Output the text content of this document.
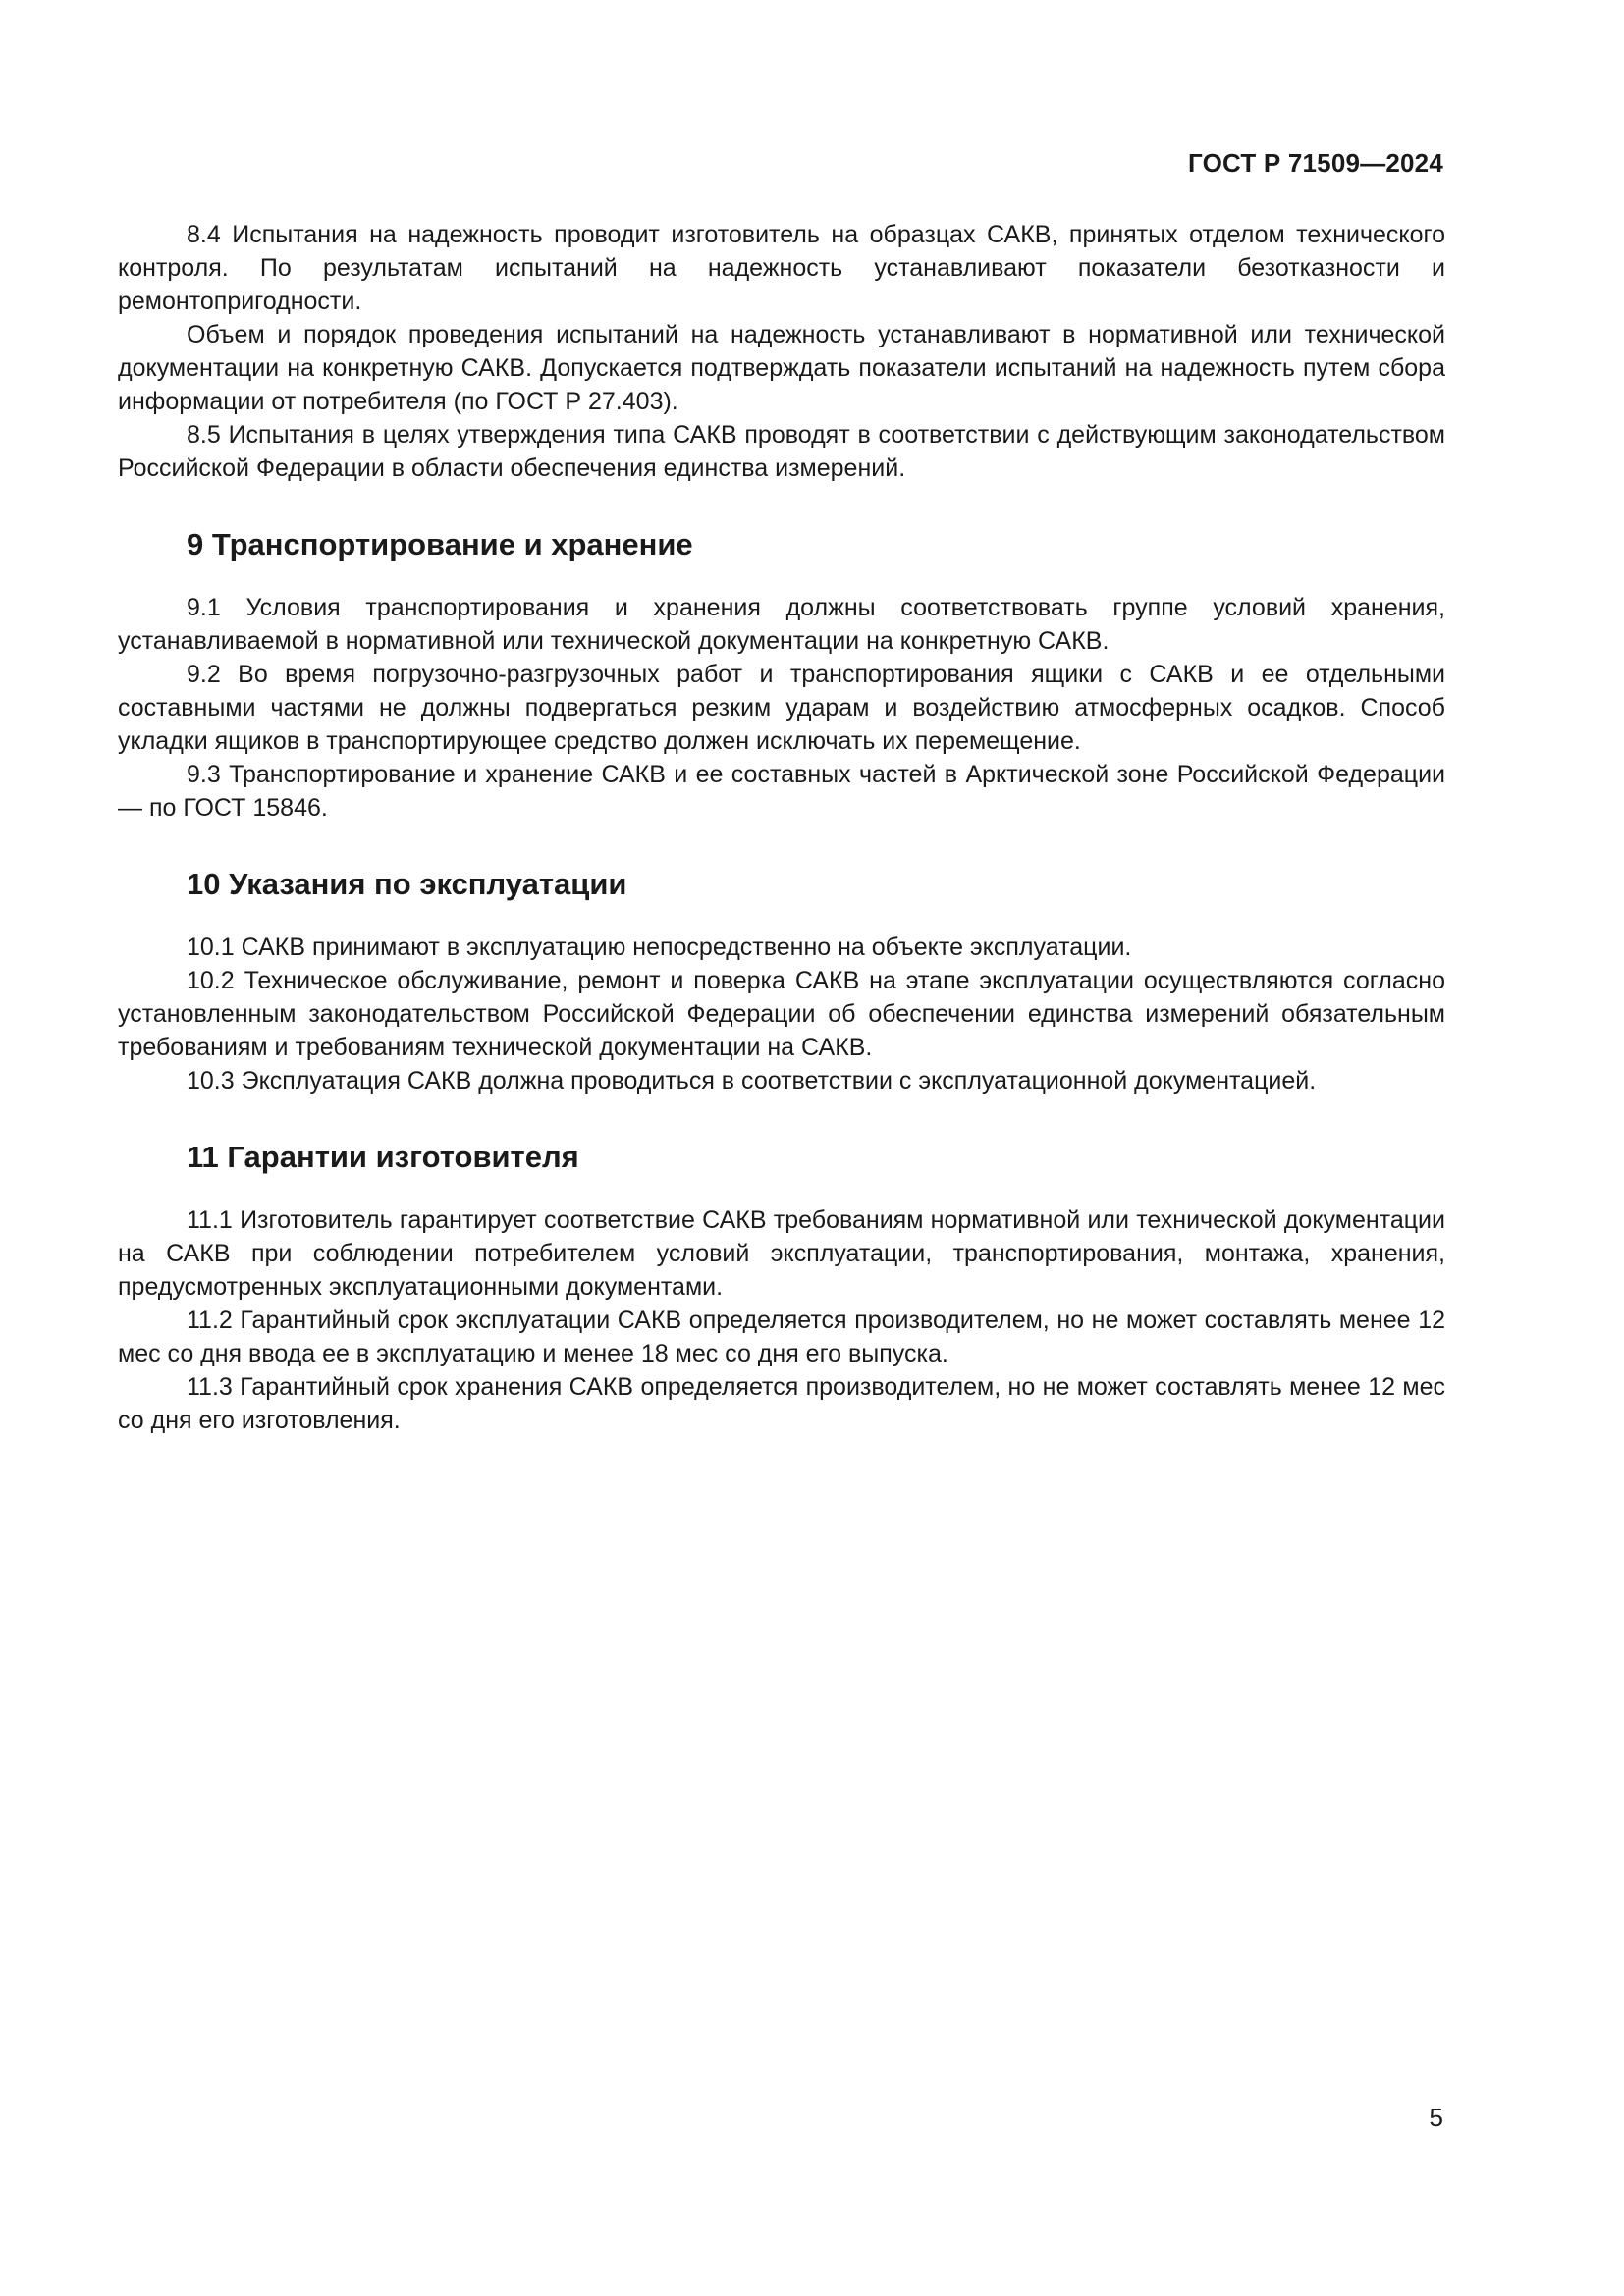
ГОСТ Р 71509—2024

8.4 Испытания на надежность проводит изготовитель на образцах САКВ, принятых отделом технического контроля. По результатам испытаний на надежность устанавливают показатели безотказности и ремонтопригодности.

Объем и порядок проведения испытаний на надежность устанавливают в нормативной или технической документации на конкретную САКВ. Допускается подтверждать показатели испытаний на надежность путем сбора информации от потребителя (по ГОСТ Р 27.403).

8.5 Испытания в целях утверждения типа САКВ проводят в соответствии с действующим законодательством Российской Федерации в области обеспечения единства измерений.

9 Транспортирование и хранение

9.1 Условия транспортирования и хранения должны соответствовать группе условий хранения, устанавливаемой в нормативной или технической документации на конкретную САКВ.

9.2 Во время погрузочно-разгрузочных работ и транспортирования ящики с САКВ и ее отдельными составными частями не должны подвергаться резким ударам и воздействию атмосферных осадков. Способ укладки ящиков в транспортирующее средство должен исключать их перемещение.

9.3 Транспортирование и хранение САКВ и ее составных частей в Арктической зоне Российской Федерации — по ГОСТ 15846.

10 Указания по эксплуатации

10.1 САКВ принимают в эксплуатацию непосредственно на объекте эксплуатации.

10.2 Техническое обслуживание, ремонт и поверка САКВ на этапе эксплуатации осуществляются согласно установленным законодательством Российской Федерации об обеспечении единства измерений обязательным требованиям и требованиям технической документации на САКВ.

10.3 Эксплуатация САКВ должна проводиться в соответствии с эксплуатационной документацией.

11 Гарантии изготовителя

11.1 Изготовитель гарантирует соответствие САКВ требованиям нормативной или технической документации на САКВ при соблюдении потребителем условий эксплуатации, транспортирования, монтажа, хранения, предусмотренных эксплуатационными документами.

11.2 Гарантийный срок эксплуатации САКВ определяется производителем, но не может составлять менее 12 мес со дня ввода ее в эксплуатацию и менее 18 мес со дня его выпуска.

11.3 Гарантийный срок хранения САКВ определяется производителем, но не может составлять менее 12 мес со дня его изготовления.

5
